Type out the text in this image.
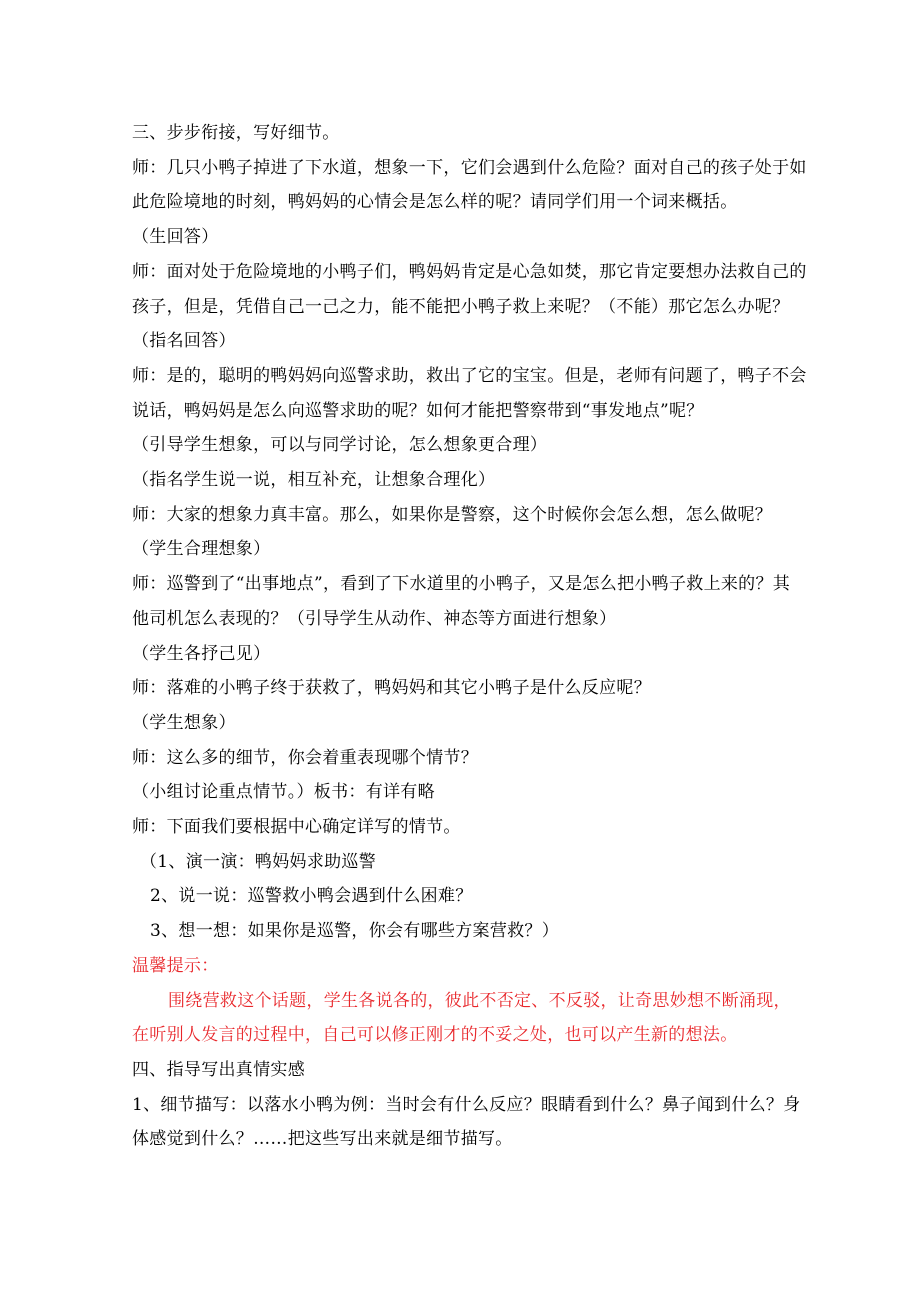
三、步步衔接，写好细节。
师：几只小鸭子掉进了下水道，想象一下，它们会遇到什么危险？面对自己的孩子处于如
此危险境地的时刻，鸭妈妈的心情会是怎么样的呢？请同学们用一个词来概括。
（生回答）
师：面对处于危险境地的小鸭子们，鸭妈妈肯定是心急如焚，那它肯定要想办法救自己的
孩子，但是，凭借自己一己之力，能不能把小鸭子救上来呢？（不能）那它怎么办呢？
（指名回答）
师：是的，聪明的鸭妈妈向巡警求助，救出了它的宝宝。但是，老师有问题了，鸭子不会
说话，鸭妈妈是怎么向巡警求助的呢？如何才能把警察带到“事发地点”呢？
（引导学生想象，可以与同学讨论，怎么想象更合理）
（指名学生说一说，相互补充，让想象合理化）
师：大家的想象力真丰富。那么，如果你是警察，这个时候你会怎么想，怎么做呢？
（学生合理想象）
师：巡警到了“出事地点”，看到了下水道里的小鸭子，又是怎么把小鸭子救上来的？其
他司机怎么表现的？（引导学生从动作、神态等方面进行想象）
（学生各抒己见）
师：落难的小鸭子终于获救了，鸭妈妈和其它小鸭子是什么反应呢？
（学生想象）
师：这么多的细节，你会着重表现哪个情节？
（小组讨论重点情节。）板书：有详有略
师：下面我们要根据中心确定详写的情节。
（1、演一演：鸭妈妈求助巡警
2、说一说：巡警救小鸭会遇到什么困难？
3、想一想：如果你是巡警，你会有哪些方案营救？）
温馨提示：
围绕营救这个话题，学生各说各的，彼此不否定、不反驳，让奇思妙想不断涌现，
在听别人发言的过程中，自己可以修正刚才的不妥之处，也可以产生新的想法。
四、指导写出真情实感
1、细节描写：以落水小鸭为例：当时会有什么反应？眼睛看到什么？鼻子闻到什么？身
体感觉到什么？……把这些写出来就是细节描写。
